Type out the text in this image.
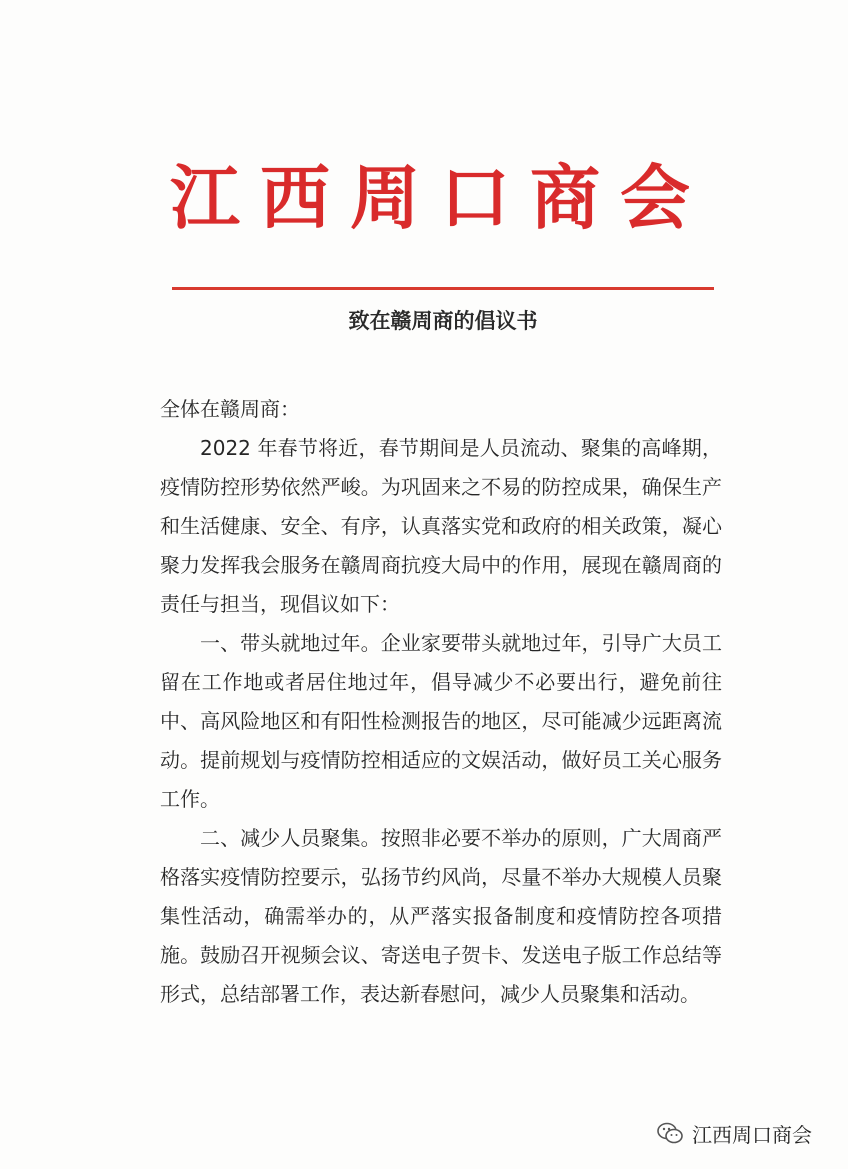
江西周口商会
致在赣周商的倡议书

全体在赣周商：

2022 年春节将近，春节期间是人员流动、聚集的高峰期，疫情防控形势依然严峻。为巩固来之不易的防控成果，确保生产和生活健康、安全、有序，认真落实党和政府的相关政策，凝心聚力发挥我会服务在赣周商抗疫大局中的作用，展现在赣周商的责任与担当，现倡议如下：

一、带头就地过年。企业家要带头就地过年，引导广大员工留在工作地或者居住地过年，倡导减少不必要出行，避免前往中、高风险地区和有阳性检测报告的地区，尽可能减少远距离流动。提前规划与疫情防控相适应的文娱活动，做好员工关心服务工作。

二、减少人员聚集。按照非必要不举办的原则，广大周商严格落实疫情防控要示，弘扬节约风尚，尽量不举办大规模人员聚集性活动，确需举办的，从严落实报备制度和疫情防控各项措施。鼓励召开视频会议、寄送电子贺卡、发送电子版工作总结等形式，总结部署工作，表达新春慰问，减少人员聚集和活动。

江西周口商会
